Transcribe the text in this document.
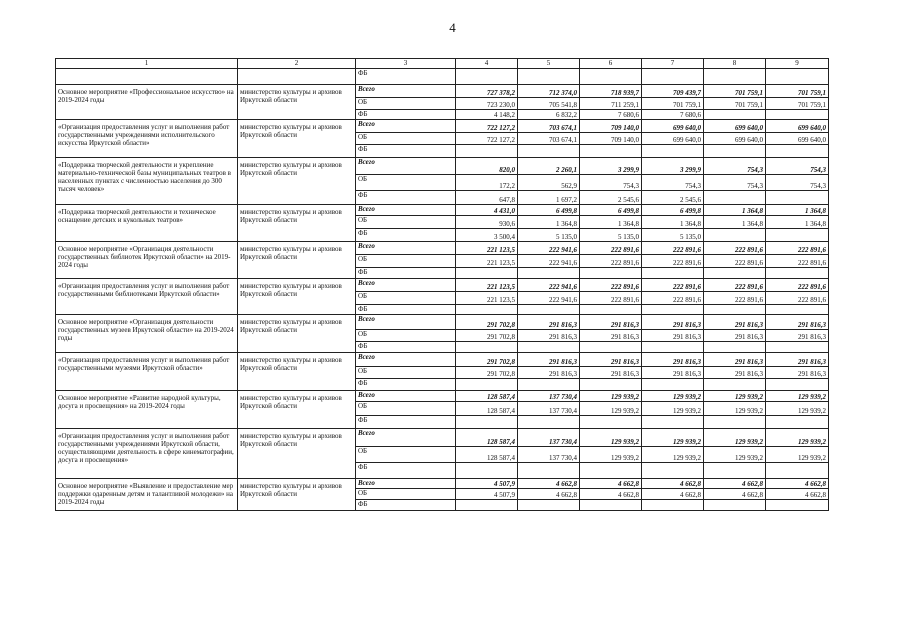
4
1	2	3	4	5	6	7	8	9
		ФБ						
Основное мероприятие «Профессиональное искусство» на 2019-2024 годы	министерство культуры и архивов Иркутской области	Всего	727 378,2	712 374,0	718 939,7	709 439,7	701 759,1	701 759,1
		ОБ	723 230,0	705 541,8	711 259,1	701 759,1	701 759,1	701 759,1
		ФБ	4 148,2	6 832,2	7 680,6	7 680,6		
«Организация предоставления услуг и выполнения работ государственными учреждениями исполнительского искусства Иркутской области»	министерство культуры и архивов Иркутской области	Всего	722 127,2	703 674,1	709 140,0	699 640,0	699 640,0	699 640,0
		ОБ	722 127,2	703 674,1	709 140,0	699 640,0	699 640,0	699 640,0
		ФБ						
«Поддержка творческой деятельности и укрепление материально-технической базы муниципальных театров в населенных пунктах с численностью населения до 300 тысяч человек»	министерство культуры и архивов Иркутской области	Всего	820,0	2 260,1	3 299,9	3 299,9	754,3	754,3
		ОБ	172,2	562,9	754,3	754,3	754,3	754,3
		ФБ	647,8	1 697,2	2 545,6	2 545,6		
«Поддержка творческой деятельности и техническое оснащение детских и кукольных театров»	министерство культуры и архивов Иркутской области	Всего	4 431,0	6 499,8	6 499,8	6 499,8	1 364,8	1 364,8
		ОБ	930,6	1 364,8	1 364,8	1 364,8	1 364,8	1 364,8
		ФБ	3 500,4	5 135,0	5 135,0	5 135,0		
Основное мероприятие «Организация деятельности государственных библиотек Иркутской области» на 2019-2024 годы	министерство культуры и архивов Иркутской области	Всего	221 123,5	222 941,6	222 891,6	222 891,6	222 891,6	222 891,6
		ОБ	221 123,5	222 941,6	222 891,6	222 891,6	222 891,6	222 891,6
		ФБ						
«Организация предоставления услуг и выполнения работ государственными библиотеками Иркутской области»	министерство культуры и архивов Иркутской области	Всего	221 123,5	222 941,6	222 891,6	222 891,6	222 891,6	222 891,6
		ОБ	221 123,5	222 941,6	222 891,6	222 891,6	222 891,6	222 891,6
		ФБ						
Основное мероприятие «Организация деятельности государственных музеев Иркутской области» на 2019-2024 годы	министерство культуры и архивов Иркутской области	Всего	291 702,8	291 816,3	291 816,3	291 816,3	291 816,3	291 816,3
		ОБ	291 702,8	291 816,3	291 816,3	291 816,3	291 816,3	291 816,3
		ФБ						
«Организация предоставления услуг и выполнения работ государственными музеями Иркутской области»	министерство культуры и архивов Иркутской области	Всего	291 702,8	291 816,3	291 816,3	291 816,3	291 816,3	291 816,3
		ОБ	291 702,8	291 816,3	291 816,3	291 816,3	291 816,3	291 816,3
		ФБ						
Основное мероприятие «Развитие народной культуры, досуга и просвещения» на 2019-2024 годы	министерство культуры и архивов Иркутской области	Всего	128 587,4	137 730,4	129 939,2	129 939,2	129 939,2	129 939,2
		ОБ	128 587,4	137 730,4	129 939,2	129 939,2	129 939,2	129 939,2
		ФБ						
«Организация предоставления услуг и выполнения работ государственными учреждениями Иркутской области, осуществляющими деятельность в сфере кинематографии, досуга и просвещения»	министерство культуры и архивов Иркутской области	Всего	128 587,4	137 730,4	129 939,2	129 939,2	129 939,2	129 939,2
		ОБ	128 587,4	137 730,4	129 939,2	129 939,2	129 939,2	129 939,2
		ФБ						
Основное мероприятие «Выявление и предоставление мер поддержки одаренным детям и талантливой молодежи» на 2019-2024 годы	министерство культуры и архивов Иркутской области	Всего	4 507,9	4 662,8	4 662,8	4 662,8	4 662,8	4 662,8
		ОБ	4 507,9	4 662,8	4 662,8	4 662,8	4 662,8	4 662,8
		ФБ						
